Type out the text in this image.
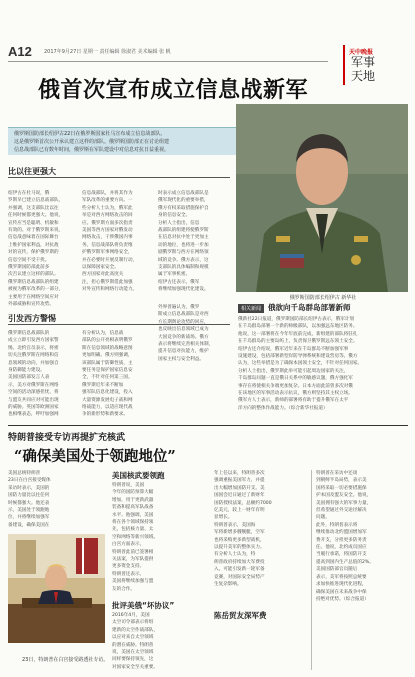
A12 2017年9月27日 星期一 责任编辑 徐淑君 美术编辑 张 帆	天中晚报
军事
天地
俄首次宣布成立信息战新军
俄罗斯国防部长绍伊古22日在俄罗斯国家杜马宣布成立信息战部队。
这是俄罗斯首次公开承认建立这样的部队。俄罗斯国防部正在讨论组建
信息战部队已有数年时间，俄罗斯在军队建设中对信息对抗日益重视。
俄罗斯国防部长绍伊古 新华社
比以往更强大
绍伊古在杜马说，俄
罗斯早已建立信息战部队，
并强调，这支部队比以往
任何时候都更强大。他说，
宣传应当是聪明、机敏和
有效的。对于俄罗斯来说，
信息战意味着在国际舞台
上维护国家利益，对抗敌
对的宣传，保护俄罗斯的
信息空间不受干扰。
俄罗斯国防部此前多
次否认建立这样的部队。
俄罗斯信息战部队的组建
被视为俄军改革的一部分，
主要用于在网络空间应对
外部威胁和宣传攻势。
信息战部队，并将其作为
军队改革的重要方向。一
些分析人士认为，俄军此
举是对西方网络攻击的回
应。俄罗斯方面多次指责
美国等西方国家对俄发动
网络攻击，干涉俄国内事
务。信息战部队将负责维
护俄罗斯军事网络安全，
并在必要时开展反制行动，
以保障国家安全。
西方国家对此高度关
注，担心俄罗斯借此加强
对外宣传和网络行动能力。
时表示成立信息战部队是
俄军现代化的重要举措，
俄方有权采取措施保护自
身的信息安全。
分析人士指出，信息
战部队的组建将使俄罗斯
在信息对抗中处于更加主
动的地位，也将进一步加
剧俄罗斯与西方在网络领
域的竞争。俄方表示，这
支部队的具体编制和规模
属于军事机密。
绍伊古还表示，俄军
将继续加强现代化建设。
引发西方警惕
俄罗斯信息战部队的
成立立即引发西方国家警
惕。北约官员表示，将密
切关注俄罗斯在网络和信
息领域的动向，并加强自
身防御能力建设。
美国国防部发言人表
示，美方对俄罗斯在网络
空间的活动深感担忧，将
与盟友共同应对可能出现
的威胁。英国等欧洲国家
也相继表态，呼吁加强网
有分析认为，信息战
部队的公开亮相表明俄罗
斯在信息领域的战略意图
更加明确。俄方则强调，
该部队属于防御性质，主
要任务是保护国家信息安
全，不针对任何第三国。
俄罗斯近年来不断加
强军队信息化建设，投入
大量资源发展电子战和网
络战能力，以适应现代战
争的新形势和新要求。
外界普遍认为，俄罗
斯成立信息战部队是对西
方长期舆论攻势的回应，
也反映出信息领域已成为
大国竞争的新战场。俄方
表示将继续完善相关体制，
提升信息对抗能力，维护
国家主权与安全利益。
相关新闻 俄欲向千岛群岛部署新师
俄新社22日报道，俄罗斯国防部长绍伊古表示，俄军计划
在千岛群岛部署一个新的师级部队，以加强远东地区防务。
他说，这一部署将在今年年底前完成，新组建的部队将驻扎
在千岛群岛的主要岛屿上，负责保卫俄罗斯远东领土安全。
绍伊古还介绍说，俄军近年来在千岛群岛不断加强军事
设施建设，包括部署新型岸防导弹系统和建设营房等。俄方
认为，这些举措是为了确保本国领土安全，不针对任何国家。
分析人士指出，俄罗斯此举可能引起周边国家的关注，
千岛群岛问题一直是俄日关系中的敏感议题，俄方强化军
事存在将使相关争端更加复杂。日本方面此前曾多次对俄
在该地区的军事活动表示抗议，俄方则坚持其主权立场。
俄军方人士表示，新师的部署将有助于提升俄军在太平
洋方向的整体作战能力。（综合新华社报道）
特朗普接受专访再提扩充核武
“确保美国处于领跑地位”
美国总统特朗普
23日在白宫接受媒体
采访时表示，美国的
国防力量比以往任何
时候都强大。他还表
示，美国处于领跑地
位，并将继续加强军
备建设，确保美国在
23日，特朗普在白宫接受路透社专访。
美国核武要领跑
特朗普说，美国
今年的国防预算大幅
增加，用于更新武器
装备和提高军队战备
水平。他强调，美国
将在各个领域保持领
先，包括核力量、太
空和网络等新兴领域。
白宫方面表示，
特朗普此前已签署相
关法案，为军队提供
更多资金支持。
特朗普还表示，
美国将继续加强与盟
友的合作。
批评美俄“坏协议”
2016年4月，美国
太空司令部表示将组
建新的太空作战部队，
以应对来自太空领域
的潜在威胁。特朗普
说，美国在太空领域
同样要保持领先，这
对国家安全至关重要。
年上任以来，特朗普多次
强调重振美国军力，并提
出大幅增加国防开支。美
国国会近日通过了新财年
国防授权法案，总额约7000
亿美元，较上一财年有明
显增长。
特朗普表示，美国海
军将新增多艘舰艇，空军
也将采购更多新型战机，
以提升美军的整体实力。
有分析人士认为，特
朗普政府持续加大军费投
入，可能引发新一轮军备
竞赛，对国际安全局势产
生复杂影响。
陈岳贸友深军费
特朗普在采访中还谈
到朝鲜半岛局势，表示美
国将采取一切必要措施保
护本国及盟友安全。他说，
美国拥有强大的军事力量，
但希望通过外交途径解决
问题。
此外，特朗普表示将
继续推动北约盟国增加军
费开支，分担更多防务责
任。他说，北约成员国应
当履行承诺，将国防开支
提高到国内生产总值的2%。
美国国防部官员随后
表示，美军将按照总统要
求加快推进现代化进程，
确保美国在未来战争中保
持绝对优势。（综合报道）
